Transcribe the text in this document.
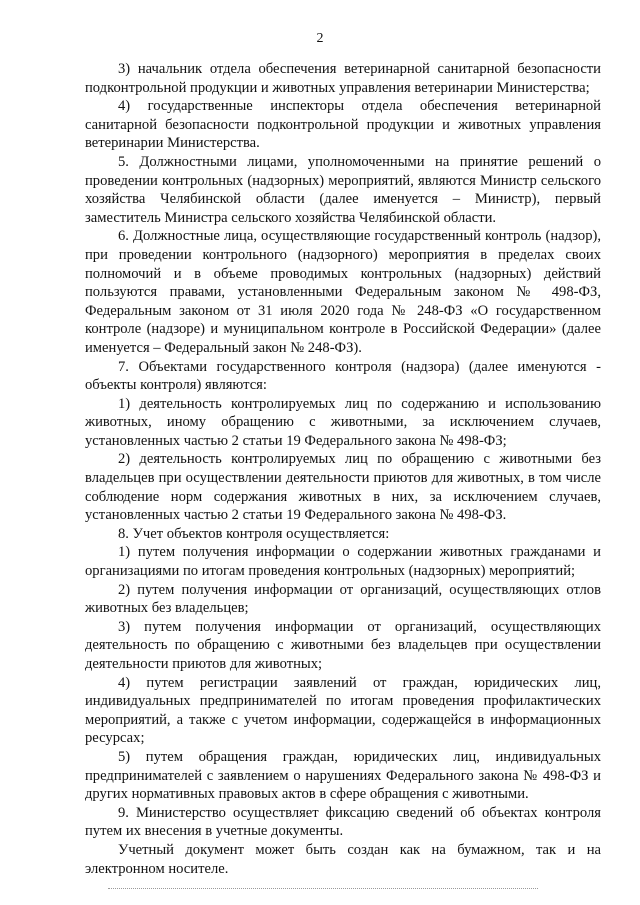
2

3) начальник отдела обеспечения ветеринарной санитарной безопасности подконтрольной продукции и животных управления ветеринарии Министерства;

4) государственные инспекторы отдела обеспечения ветеринарной санитарной безопасности подконтрольной продукции и животных управления ветеринарии Министерства.

5. Должностными лицами, уполномоченными на принятие решений о проведении контрольных (надзорных) мероприятий, являются Министр сельского хозяйства Челябинской области (далее именуется – Министр), первый заместитель Министра сельского хозяйства Челябинской области.

6. Должностные лица, осуществляющие государственный контроль (надзор), при проведении контрольного (надзорного) мероприятия в пределах своих полномочий и в объеме проводимых контрольных (надзорных) действий пользуются правами, установленными Федеральным законом № 498-ФЗ, Федеральным законом от 31 июля 2020 года № 248-ФЗ «О государственном контроле (надзоре) и муниципальном контроле в Российской Федерации» (далее именуется – Федеральный закон № 248-ФЗ).

7. Объектами государственного контроля (надзора) (далее именуются - объекты контроля) являются:

1) деятельность контролируемых лиц по содержанию и использованию животных, иному обращению с животными, за исключением случаев, установленных частью 2 статьи 19 Федерального закона № 498-ФЗ;

2) деятельность контролируемых лиц по обращению с животными без владельцев при осуществлении деятельности приютов для животных, в том числе соблюдение норм содержания животных в них, за исключением случаев, установленных частью 2 статьи 19 Федерального закона № 498-ФЗ.

8. Учет объектов контроля осуществляется:

1) путем получения информации о содержании животных гражданами и организациями по итогам проведения контрольных (надзорных) мероприятий;

2) путем получения информации от организаций, осуществляющих отлов животных без владельцев;

3) путем получения информации от организаций, осуществляющих деятельность по обращению с животными без владельцев при осуществлении деятельности приютов для животных;

4) путем регистрации заявлений от граждан, юридических лиц, индивидуальных предпринимателей по итогам проведения профилактических мероприятий, а также с учетом информации, содержащейся в информационных ресурсах;

5) путем обращения граждан, юридических лиц, индивидуальных предпринимателей с заявлением о нарушениях Федерального закона № 498-ФЗ и других нормативных правовых актов в сфере обращения с животными.

9. Министерство осуществляет фиксацию сведений об объектах контроля путем их внесения в учетные документы.

Учетный документ может быть создан как на бумажном, так и на электронном носителе.
